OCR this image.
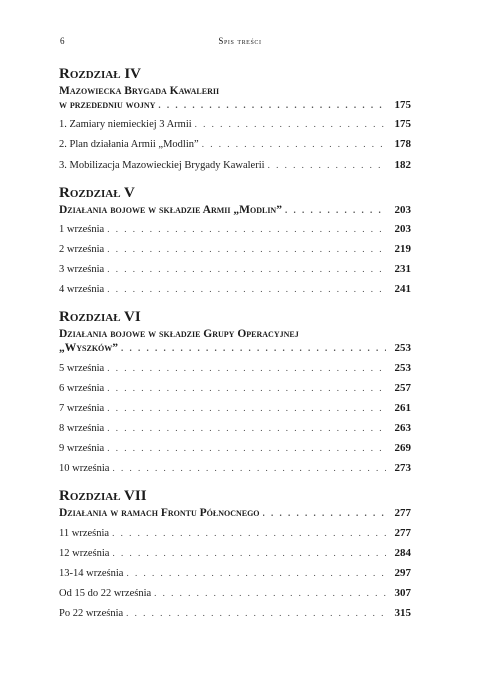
6	Spis treści
Rozdział IV
Mazowiecka Brygada Kawalerii
w przededniu wojny . . .	175
1. Zamiary niemieckiej 3 Armii . . .	175
2. Plan działania Armii „Modlin” . . .	178
3. Mobilizacja Mazowieckiej Brygady Kawalerii . . .	182
Rozdział V
Działania bojowe w składzie Armii „Modlin” . . .	203
1 września . . .	203
2 września . . .	219
3 września . . .	231
4 września . . .	241
Rozdział VI
Działania bojowe w składzie Grupy Operacyjnej
„Wyszków” . . .	253
5 września . . .	253
6 września . . .	257
7 września . . .	261
8 września . . .	263
9 września . . .	269
10 września . . .	273
Rozdział VII
Działania w ramach Frontu Północnego . . .	277
11 września . . .	277
12 września . . .	284
13-14 września . . .	297
Od 15 do 22 września . . .	307
Po 22 września . . .	315
